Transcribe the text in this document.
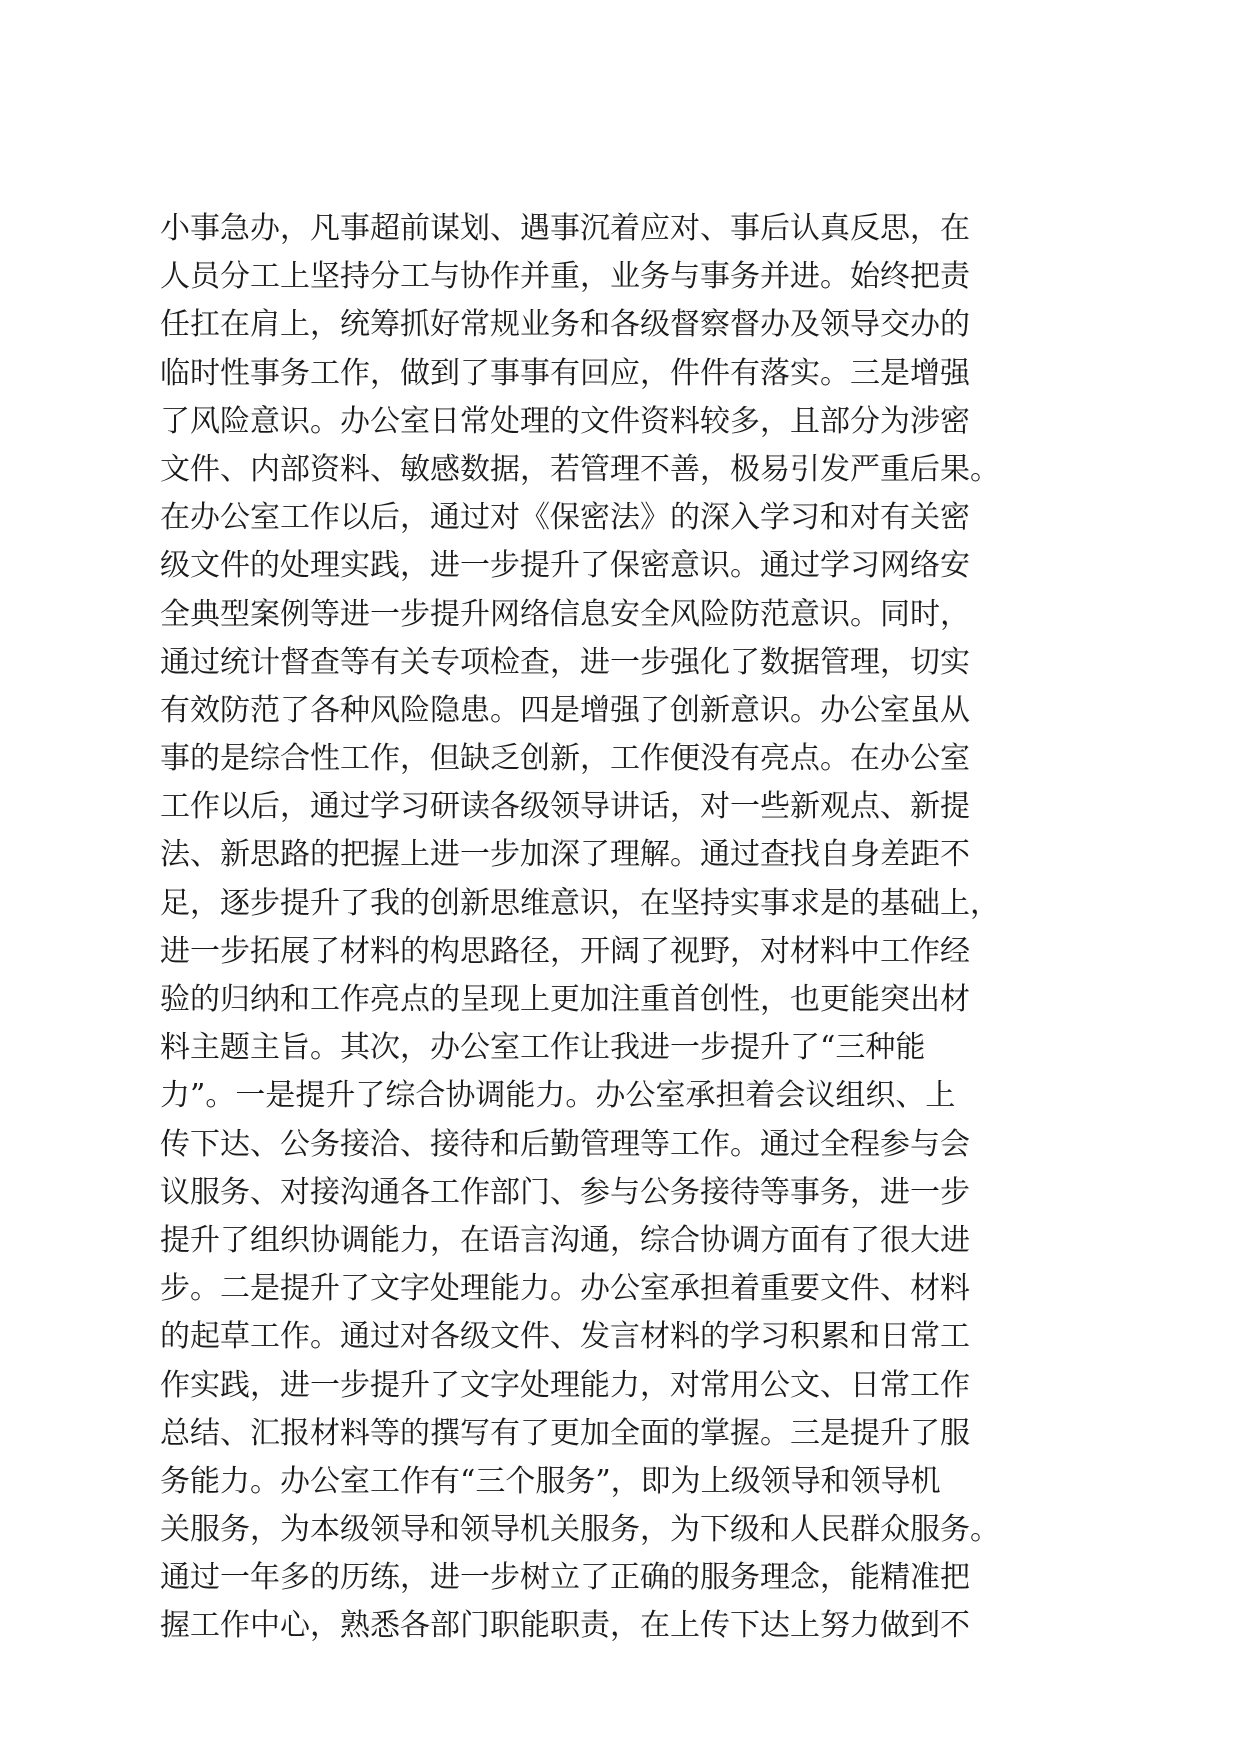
小事急办，凡事超前谋划、遇事沉着应对、事后认真反思，在
人员分工上坚持分工与协作并重，业务与事务并进。始终把责
任扛在肩上，统筹抓好常规业务和各级督察督办及领导交办的
临时性事务工作，做到了事事有回应，件件有落实。三是增强
了风险意识。办公室日常处理的文件资料较多，且部分为涉密
文件、内部资料、敏感数据，若管理不善，极易引发严重后果。
在办公室工作以后，通过对《保密法》的深入学习和对有关密
级文件的处理实践，进一步提升了保密意识。通过学习网络安
全典型案例等进一步提升网络信息安全风险防范意识。同时，
通过统计督查等有关专项检查，进一步强化了数据管理，切实
有效防范了各种风险隐患。四是增强了创新意识。办公室虽从
事的是综合性工作，但缺乏创新，工作便没有亮点。在办公室
工作以后，通过学习研读各级领导讲话，对一些新观点、新提
法、新思路的把握上进一步加深了理解。通过查找自身差距不
足，逐步提升了我的创新思维意识，在坚持实事求是的基础上，
进一步拓展了材料的构思路径，开阔了视野，对材料中工作经
验的归纳和工作亮点的呈现上更加注重首创性，也更能突出材
料主题主旨。其次，办公室工作让我进一步提升了“三种能
力”。一是提升了综合协调能力。办公室承担着会议组织、上
传下达、公务接洽、接待和后勤管理等工作。通过全程参与会
议服务、对接沟通各工作部门、参与公务接待等事务，进一步
提升了组织协调能力，在语言沟通，综合协调方面有了很大进
步。二是提升了文字处理能力。办公室承担着重要文件、材料
的起草工作。通过对各级文件、发言材料的学习积累和日常工
作实践，进一步提升了文字处理能力，对常用公文、日常工作
总结、汇报材料等的撰写有了更加全面的掌握。三是提升了服
务能力。办公室工作有“三个服务”，即为上级领导和领导机
关服务，为本级领导和领导机关服务，为下级和人民群众服务。
通过一年多的历练，进一步树立了正确的服务理念，能精准把
握工作中心，熟悉各部门职能职责，在上传下达上努力做到不
